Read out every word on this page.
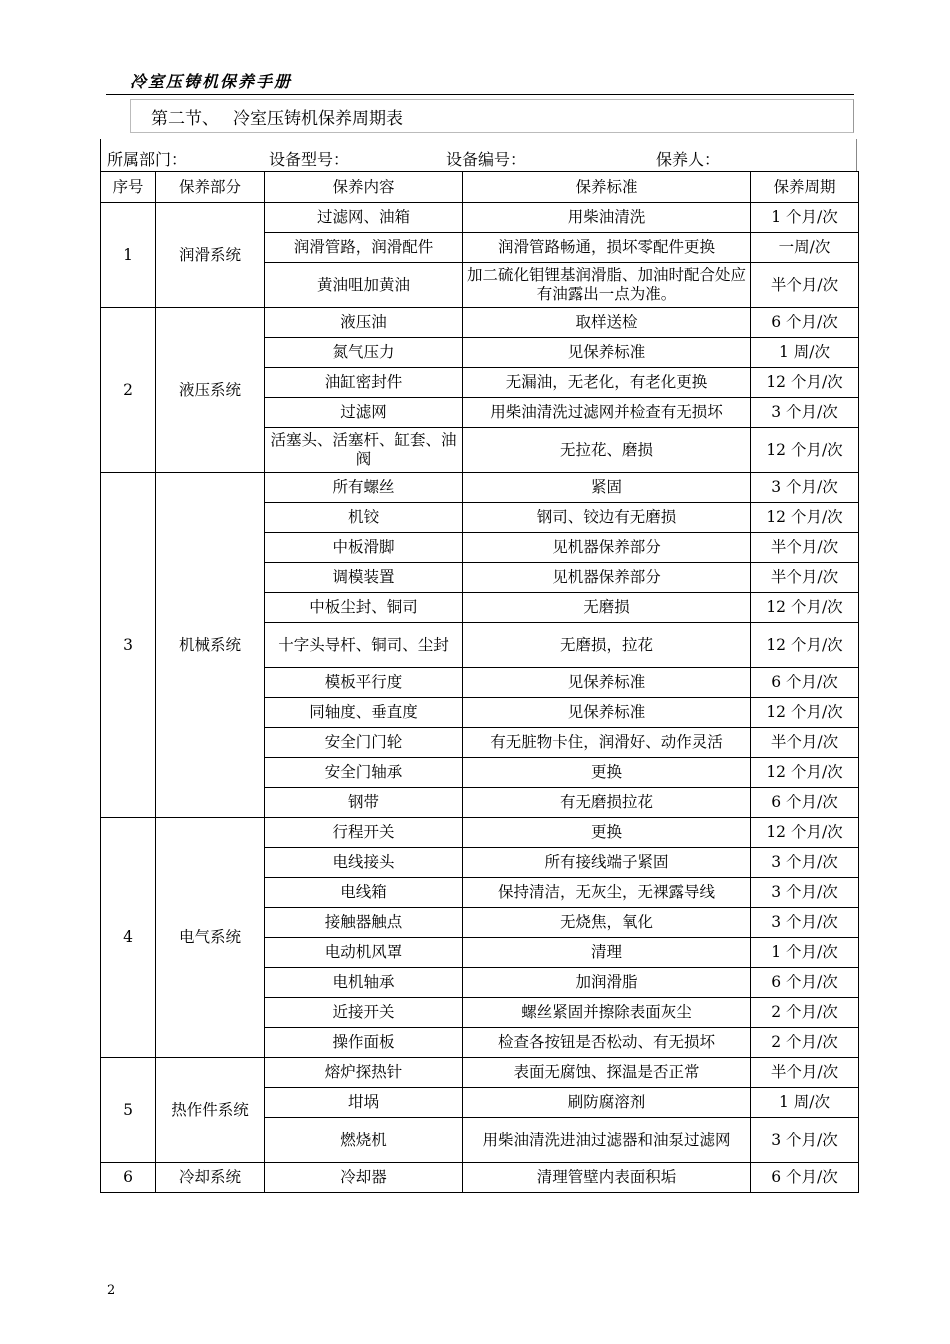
冷室压铸机保养手册
第二节、 冷室压铸机保养周期表
所属部门：	设备型号：	设备编号：	保养人：
序号	保养部分	保养内容	保养标准	保养周期
1	润滑系统	过滤网、油箱	用柴油清洗	1 个月/次
		润滑管路，润滑配件	润滑管路畅通，损坏零配件更换	一周/次
		黄油咀加黄油	加二硫化钼锂基润滑脂、加油时配合处应有油露出一点为准。	半个月/次
2	液压系统	液压油	取样送检	6 个月/次
		氮气压力	见保养标准	1 周/次
		油缸密封件	无漏油，无老化，有老化更换	12 个月/次
		过滤网	用柴油清洗过滤网并检查有无损坏	3 个月/次
		活塞头、活塞杆、缸套、油阀	无拉花、磨损	12 个月/次
3	机械系统	所有螺丝	紧固	3 个月/次
		机铰	钢司、铰边有无磨损	12 个月/次
		中板滑脚	见机器保养部分	半个月/次
		调模装置	见机器保养部分	半个月/次
		中板尘封、铜司	无磨损	12 个月/次
		十字头导杆、铜司、尘封	无磨损，拉花	12 个月/次
		模板平行度	见保养标准	6 个月/次
		同轴度、垂直度	见保养标准	12 个月/次
		安全门门轮	有无脏物卡住，润滑好、动作灵活	半个月/次
		安全门轴承	更换	12 个月/次
		钢带	有无磨损拉花	6 个月/次
4	电气系统	行程开关	更换	12 个月/次
		电线接头	所有接线端子紧固	3 个月/次
		电线箱	保持清洁，无灰尘，无裸露导线	3 个月/次
		接触器触点	无烧焦，氧化	3 个月/次
		电动机风罩	清理	1 个月/次
		电机轴承	加润滑脂	6 个月/次
		近接开关	螺丝紧固并擦除表面灰尘	2 个月/次
		操作面板	检查各按钮是否松动、有无损坏	2 个月/次
5	热作件系统	熔炉探热针	表面无腐蚀、探温是否正常	半个月/次
		坩埚	刷防腐溶剂	1 周/次
		燃烧机	用柴油清洗进油过滤器和油泵过滤网	3 个月/次
6	冷却系统	冷却器	清理管壁内表面积垢	6 个月/次
2
